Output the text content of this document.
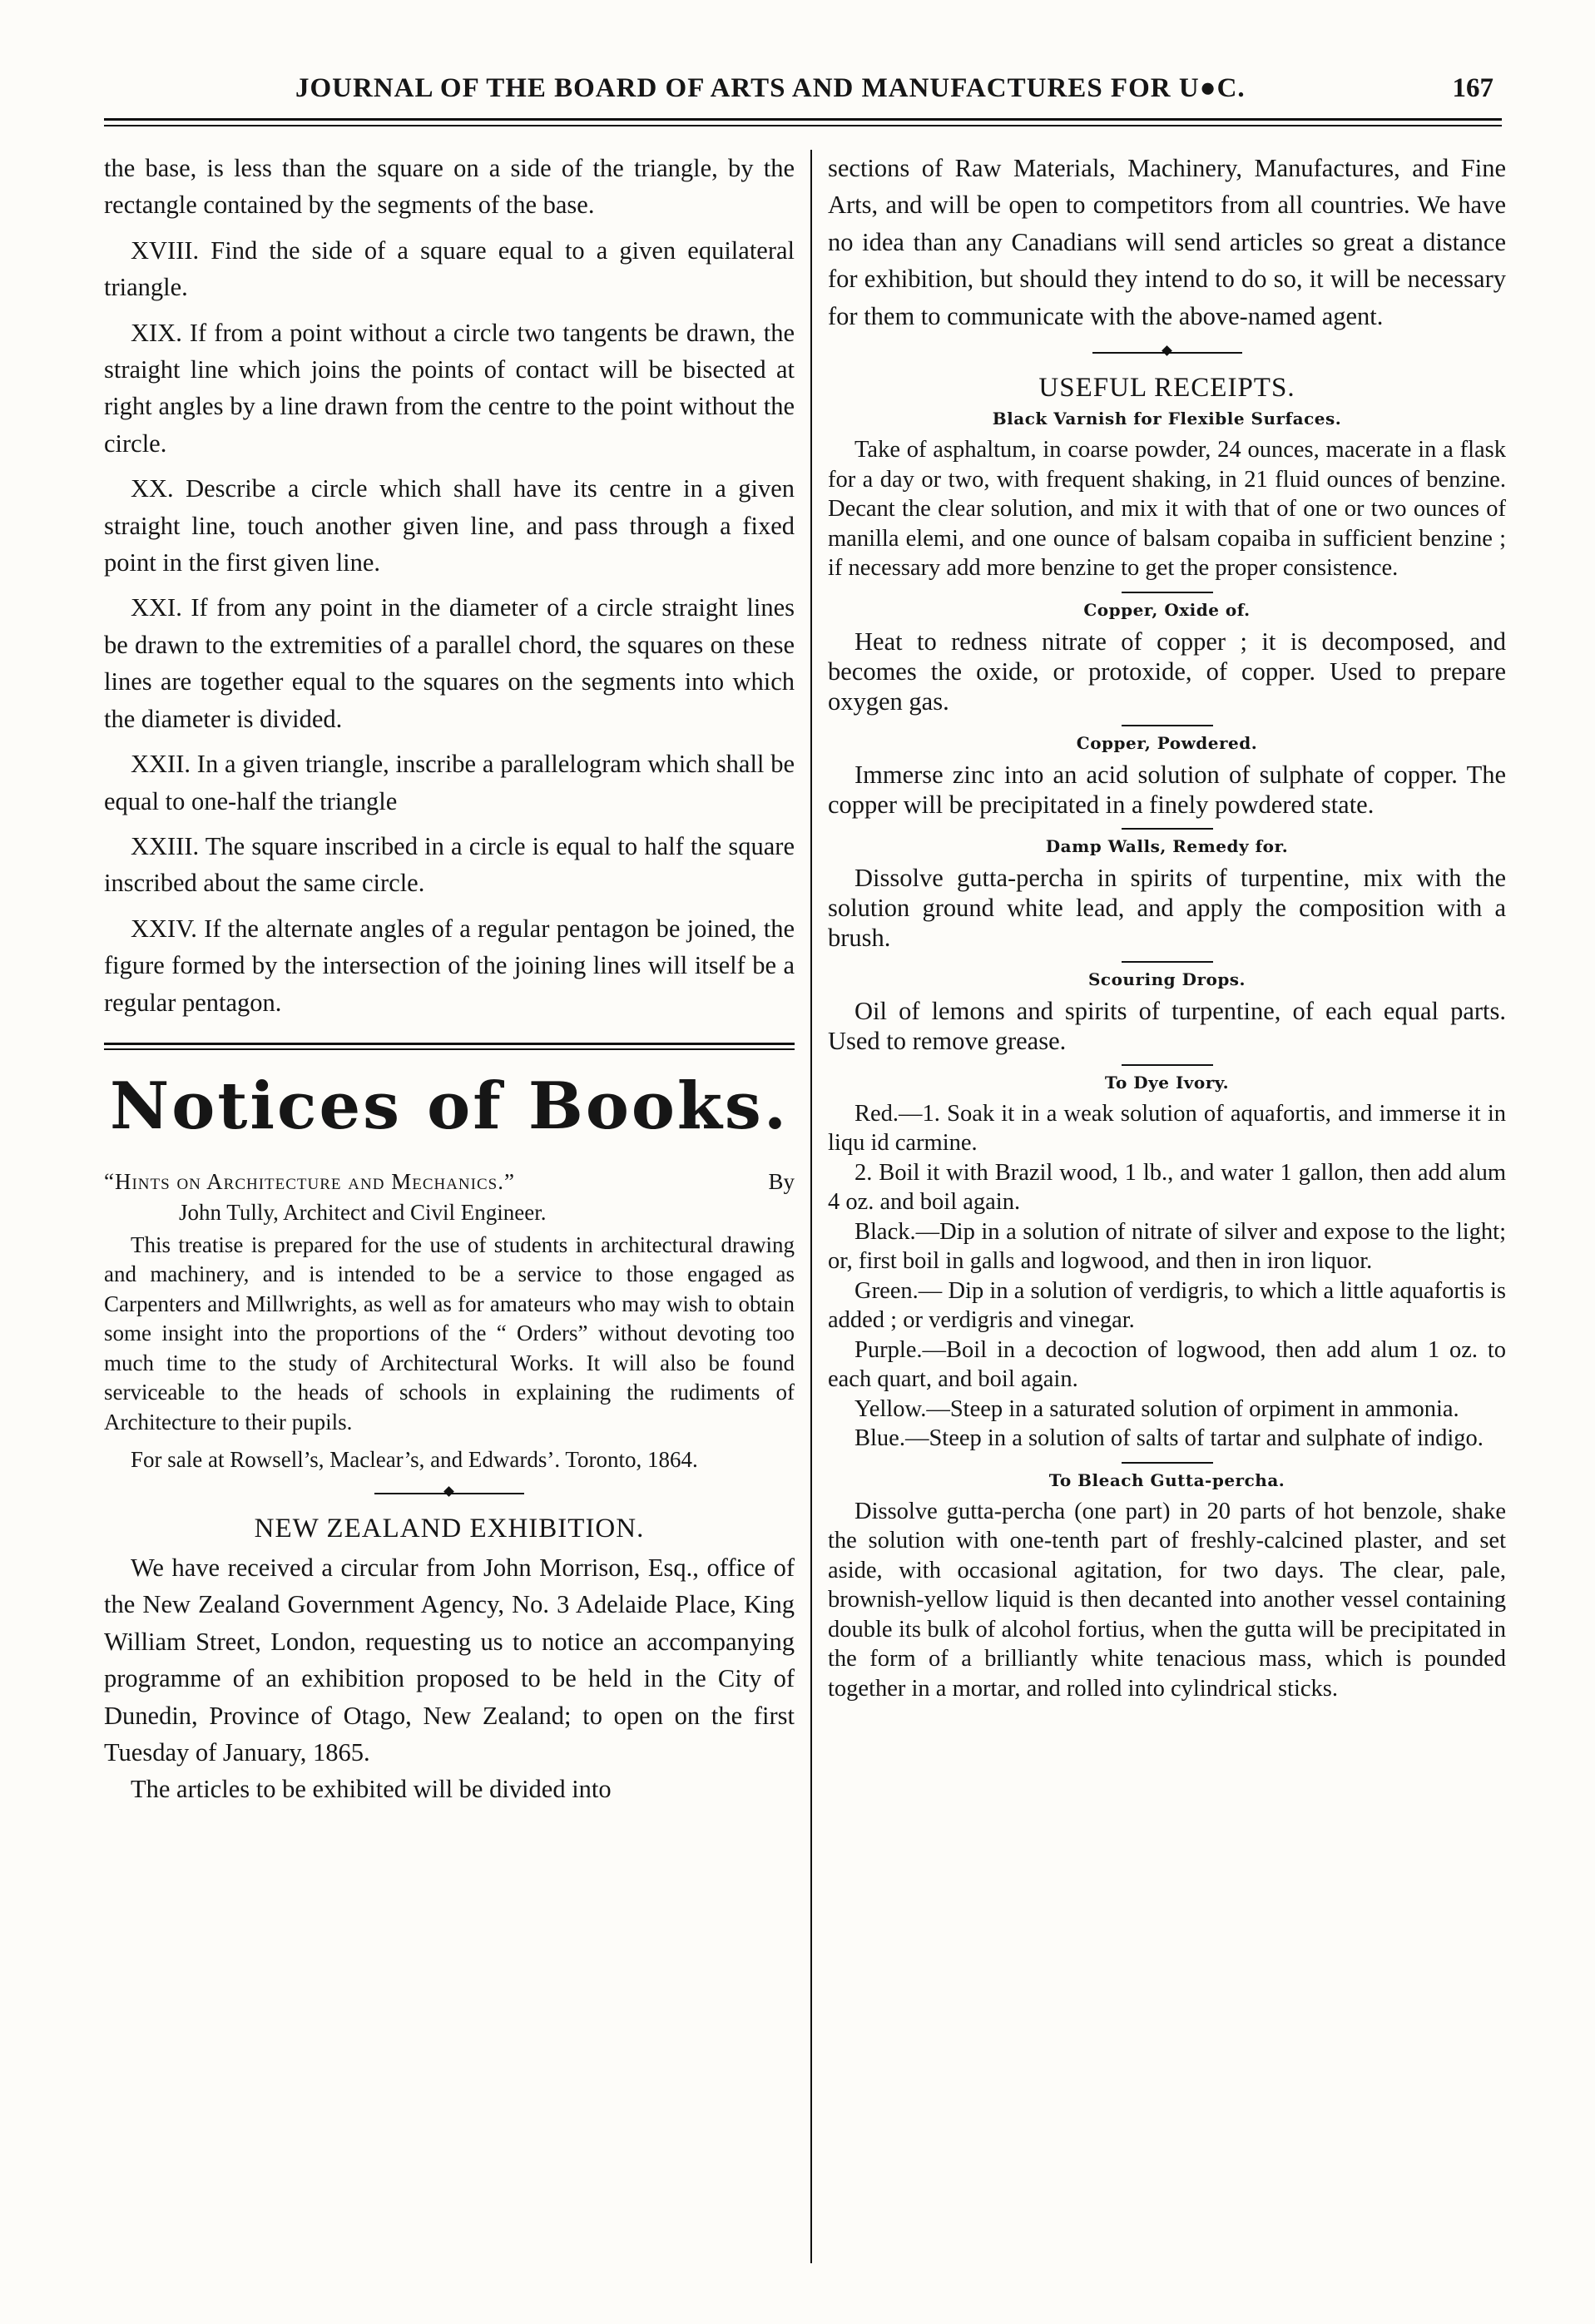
JOURNAL OF THE BOARD OF ARTS AND MANUFACTURES FOR U●C.	167

the base, is less than the square on a side of the triangle, by the rectangle contained by the segments of the base.

XVIII. Find the side of a square equal to a given equilateral triangle.

XIX. If from a point without a circle two tangents be drawn, the straight line which joins the points of contact will be bisected at right angles by a line drawn from the centre to the point without the circle.

XX. Describe a circle which shall have its centre in a given straight line, touch another given line, and pass through a fixed point in the first given line.

XXI. If from any point in the diameter of a circle straight lines be drawn to the extremities of a parallel chord, the squares on these lines are together equal to the squares on the segments into which the diameter is divided.

XXII. In a given triangle, inscribe a parallelogram which shall be equal to one-half the triangle

XXIII. The square inscribed in a circle is equal to half the square inscribed about the same circle.

XXIV. If the alternate angles of a regular pentagon be joined, the figure formed by the intersection of the joining lines will itself be a regular pentagon.

Notices of Books.

“Hints on Architecture and Mechanics.”	By

John Tully, Architect and Civil Engineer.

This treatise is prepared for the use of students in architectural drawing and machinery, and is intended to be a service to those engaged as Carpenters and Millwrights, as well as for amateurs who may wish to obtain some insight into the proportions of the “ Orders” without devoting too much time to the study of Architectural Works. It will also be found serviceable to the heads of schools in explaining the rudiments of Architecture to their pupils.

For sale at Rowsell’s, Maclear’s, and Edwards’. Toronto, 1864.

NEW ZEALAND EXHIBITION.

We have received a circular from John Morrison, Esq., office of the New Zealand Government Agency, No. 3 Adelaide Place, King William Street, London, requesting us to notice an accompanying programme of an exhibition proposed to be held in the City of Dunedin, Province of Otago, New Zealand; to open on the first Tuesday of January, 1865.

The articles to be exhibited will be divided into

sections of Raw Materials, Machinery, Manufactures, and Fine Arts, and will be open to competitors from all countries. We have no idea than any Canadians will send articles so great a distance for exhibition, but should they intend to do so, it will be necessary for them to communicate with the above-named agent.

USEFUL RECEIPTS.
Black Varnish for Flexible Surfaces.

Take of asphaltum, in coarse powder, 24 ounces, macerate in a flask for a day or two, with frequent shaking, in 21 fluid ounces of benzine. Decant the clear solution, and mix it with that of one or two ounces of manilla elemi, and one ounce of balsam copaiba in sufficient benzine ; if necessary add more benzine to get the proper consistence.

Copper, Oxide of.

Heat to redness nitrate of copper ; it is decomposed, and becomes the oxide, or protoxide, of copper. Used to prepare oxygen gas.

Copper, Powdered.

Immerse zinc into an acid solution of sulphate of copper. The copper will be precipitated in a finely powdered state.

Damp Walls, Remedy for.

Dissolve gutta-percha in spirits of turpentine, mix with the solution ground white lead, and apply the composition with a brush.

Scouring Drops.

Oil of lemons and spirits of turpentine, of each equal parts. Used to remove grease.

To Dye Ivory.

Red.—1. Soak it in a weak solution of aquafortis, and immerse it in liqu id carmine.

2. Boil it with Brazil wood, 1 lb., and water 1 gallon, then add alum 4 oz. and boil again.

Black.—Dip in a solution of nitrate of silver and expose to the light; or, first boil in galls and logwood, and then in iron liquor.

Green.— Dip in a solution of verdigris, to which a little aquafortis is added ; or verdigris and vinegar.

Purple.—Boil in a decoction of logwood, then add alum 1 oz. to each quart, and boil again.

Yellow.—Steep in a saturated solution of orpiment in ammonia.

Blue.—Steep in a solution of salts of tartar and sulphate of indigo.

To Bleach Gutta-percha.

Dissolve gutta-percha (one part) in 20 parts of hot benzole, shake the solution with one-tenth part of freshly-calcined plaster, and set aside, with occasional agitation, for two days. The clear, pale, brownish-yellow liquid is then decanted into another vessel containing double its bulk of alcohol fortius, when the gutta will be precipitated in the form of a brilliantly white tenacious mass, which is pounded together in a mortar, and rolled into cylindrical sticks.
